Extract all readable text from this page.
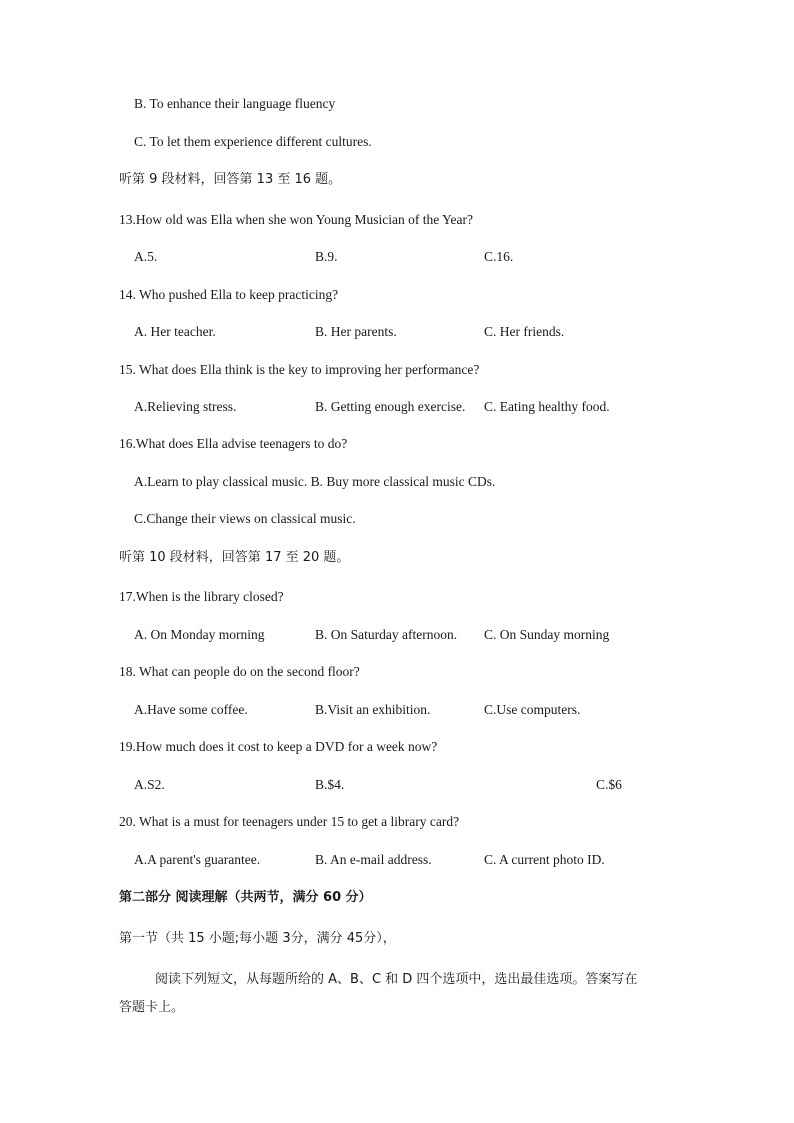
B. To enhance their language fluency
C. To let them experience different cultures.
听第 9 段材料，回答第 13 至 16 题。
13.How old was Ella when she won Young Musician of the Year?
A.5.	B.9.	C.16.
14. Who pushed Ella to keep practicing?
A. Her teacher.	B. Her parents.	C. Her friends.
15. What does Ella think is the key to improving her performance?
A.Relieving stress.	B. Getting enough exercise. C. Eating healthy food.
16.What does Ella advise teenagers to do?
A.Learn to play classical music. B. Buy more classical music CDs.
C.Change their views on classical music.
听第 10 段材料，回答第 17 至 20 题。
17.When is the library closed?
A. On Monday morning	B. On Saturday afternoon. C. On Sunday morning
18. What can people do on the second floor?
A.Have some coffee.	B.Visit an exhibition.	C.Use computers.
19.How much does it cost to keep a DVD for a week now?
A.S2.	B.$4.	C.$6
20. What is a must for teenagers under 15 to get a library card?
A.A parent's guarantee.	B. An e-mail address.	C. A current photo ID.
第二部分 阅读理解（共两节，满分 60 分）
第一节（共 15 小题;每小题 3分，满分 45分），
阅读下列短文，从每题所给的 A、B、C 和 D 四个选项中，选出最佳选项。答案写在
答题卡上。
